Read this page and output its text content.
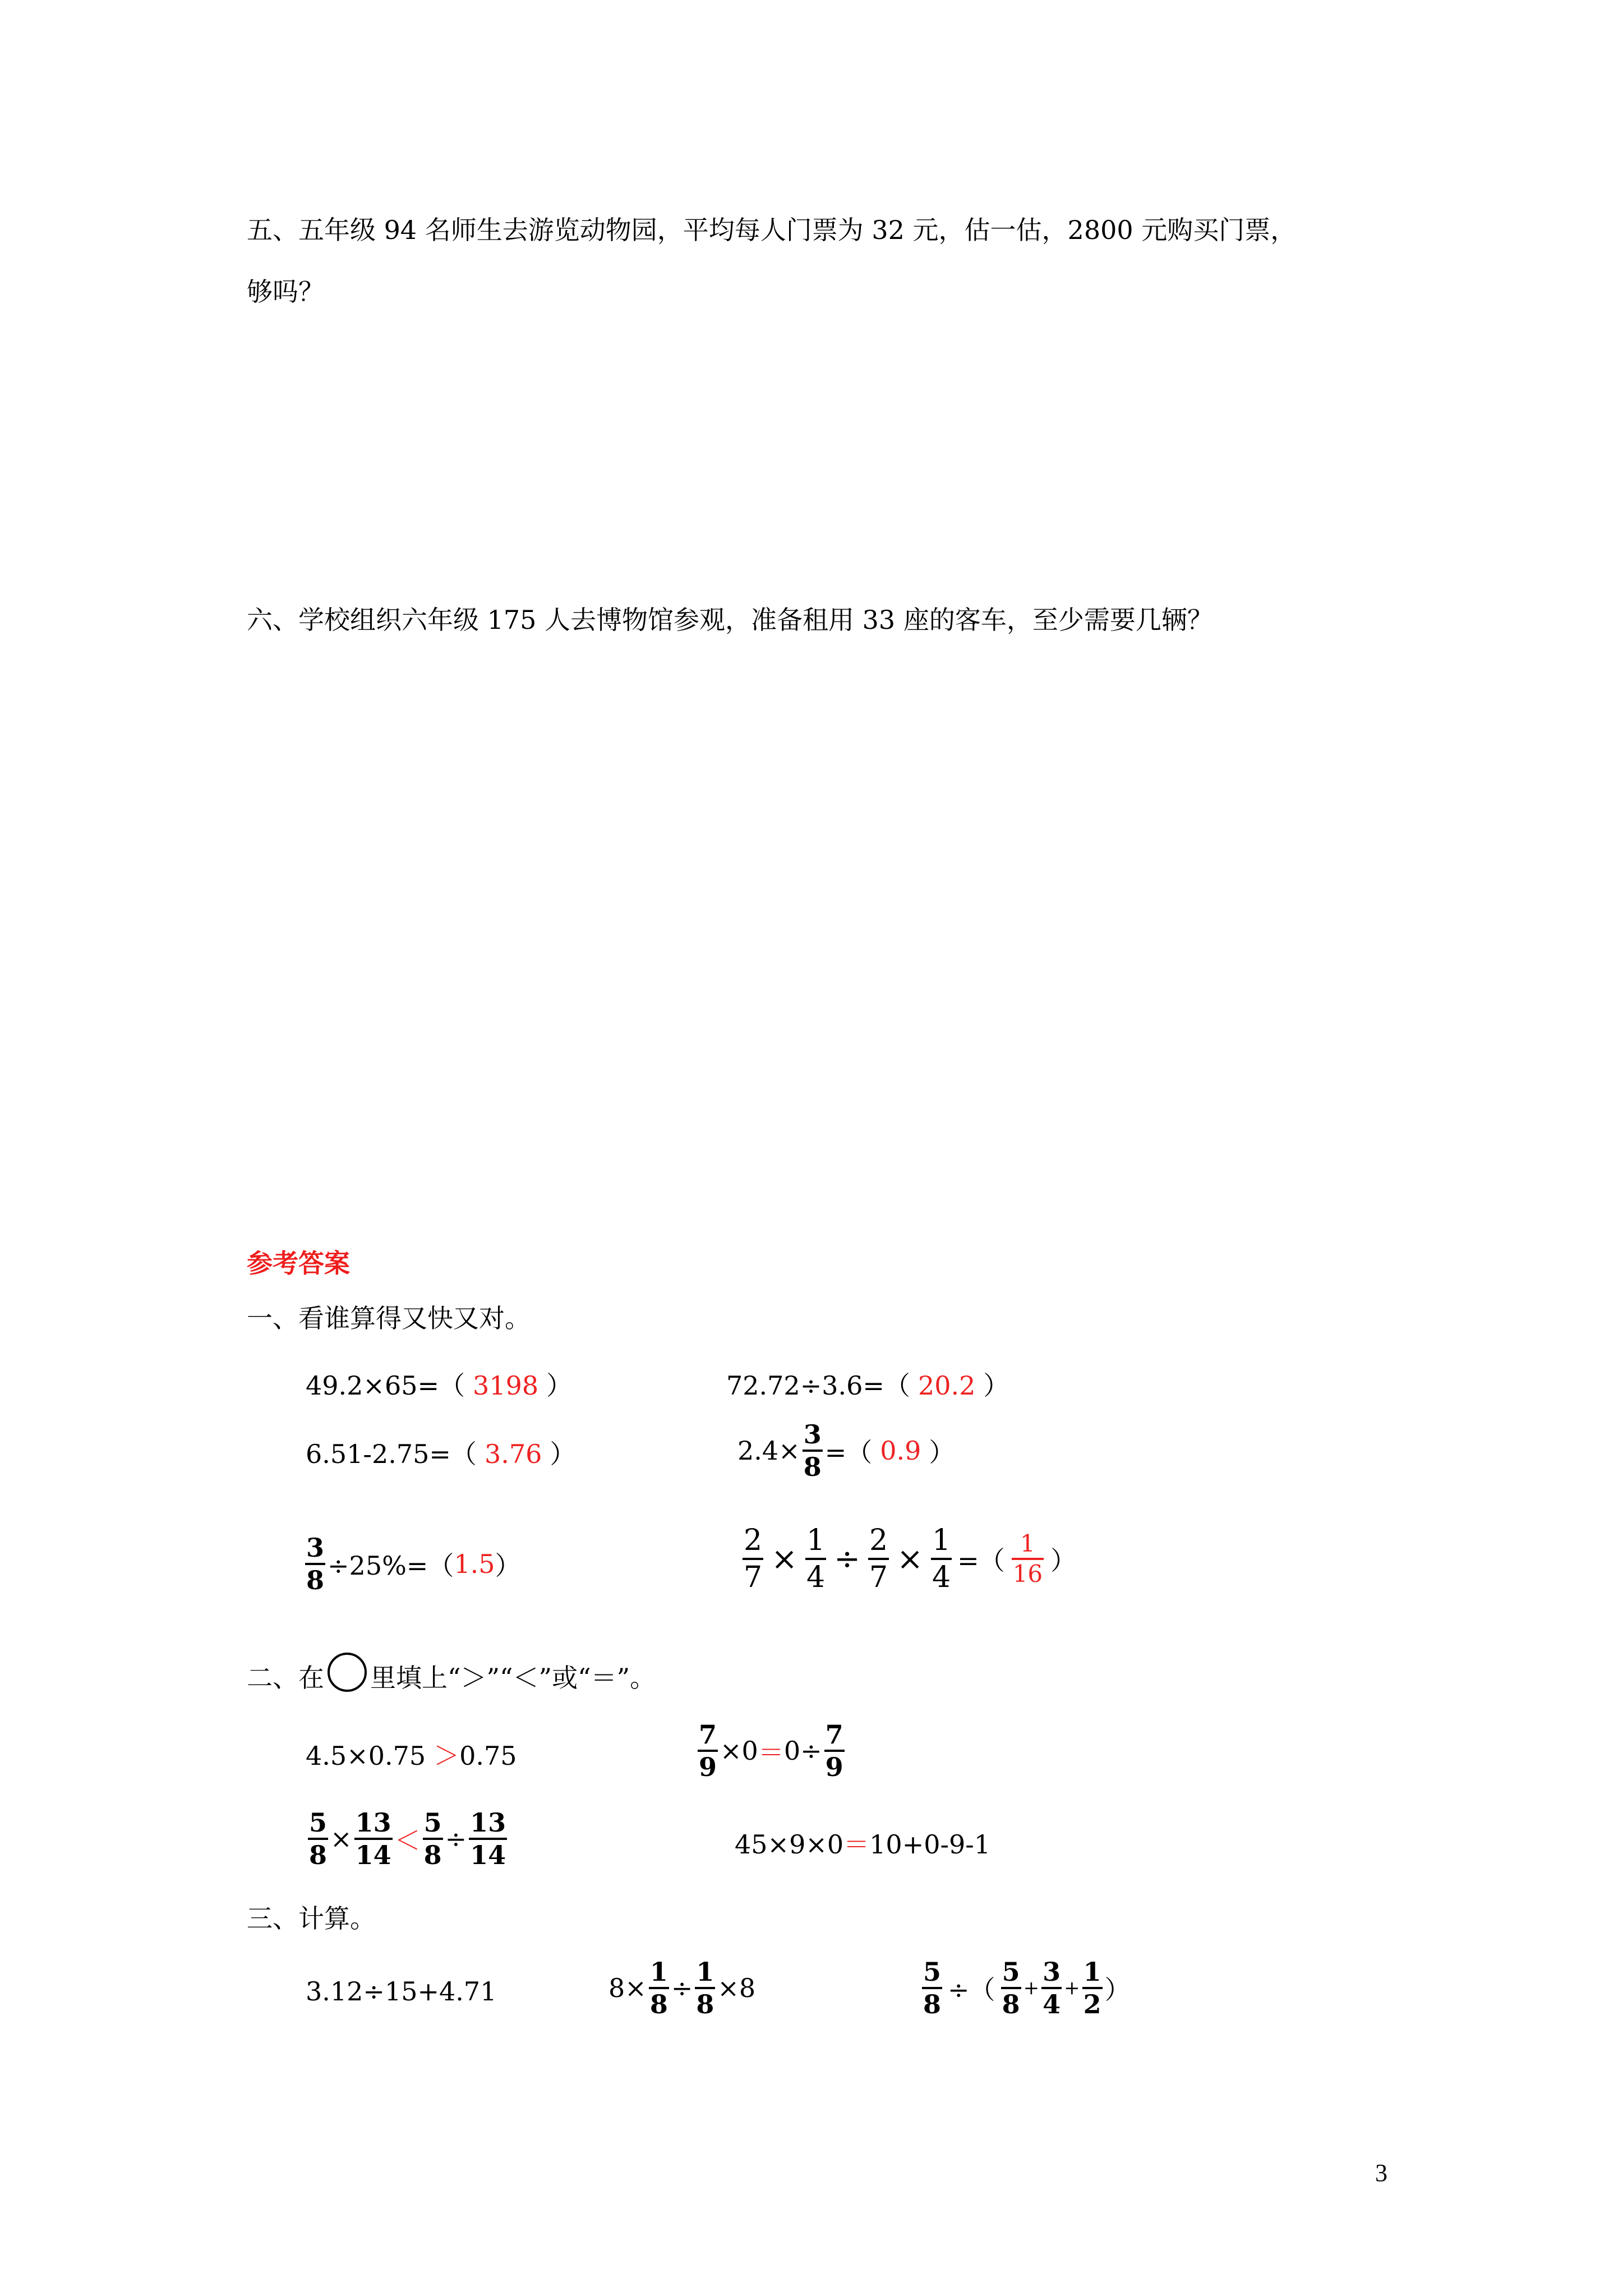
五、五年级 94 名师生去游览动物园，平均每人门票为 32 元，估一估，2800 元购买门票，
够吗？
六、学校组织六年级 175 人去博物馆参观，准备租用 33 座的客车，至少需要几辆？
参考答案
一、看谁算得又快又对。
49.2×65=（ 3198 ）	72.72÷3.6=（ 20.2 ）
6.51-2.75=（ 3.76 ）	$2.4\times \frac{3}{8}$ =（ 0.9 ）
$\frac{3}{8} \div 25\%=$（ 1.5 ）	$\frac{2}{7} \times \frac{1}{4} \div \frac{2}{7} \times \frac{1}{4}$ =（ $\frac{1}{16}$ ）
二、在 里填上“＞”“＜”或“＝”。
4.5×0.75 ＞0.75	$\frac{7}{9} \times 0 = 0\div \frac{7}{9}$
$\frac{5}{8} \times \frac{13}{14} < \frac{5}{8} \div \frac{13}{14}$	45×9×0＝10+0-9-1
三、计算。
3.12÷15+4.71	$8\times \frac{1}{8} \div \frac{1}{8} \times 8$	$\frac{5}{8}$ ÷（ $\frac{5}{8} + \frac{3}{4} + \frac{1}{2}$ ）
3
